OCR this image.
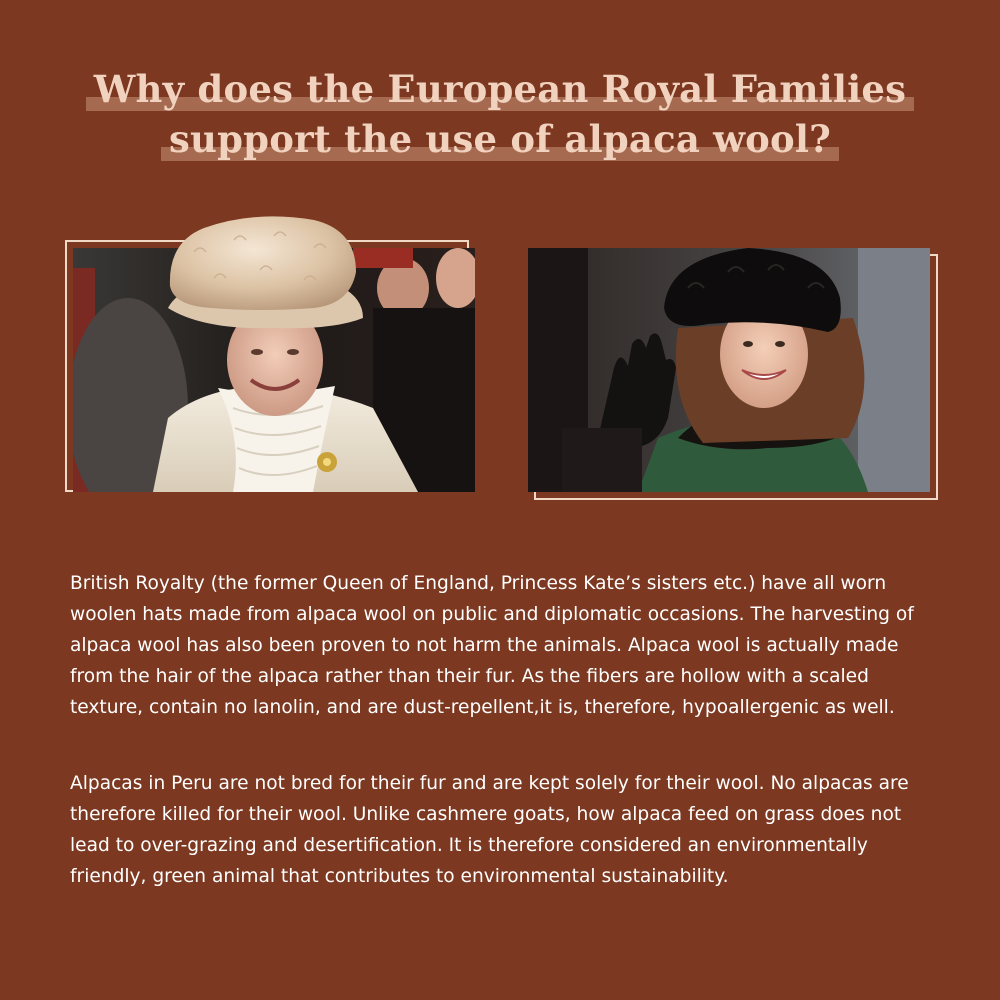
Why does the European Royal Families
support the use of alpaca wool?

British Royalty (the former Queen of England, Princess Kate’s sisters etc.) have all worn woolen hats made from alpaca wool on public and diplomatic occasions. The harvesting of alpaca wool has also been proven to not harm the animals. Alpaca wool is actually made from the hair of the alpaca rather than their fur. As the fibers are hollow with a scaled texture, contain no lanolin, and are dust-repellent,it is, therefore, hypoallergenic as well.

Alpacas in Peru are not bred for their fur and are kept solely for their wool. No alpacas are therefore killed for their wool. Unlike cashmere goats, how alpaca feed on grass does not lead to over-grazing and desertification. It is therefore considered an environmentally friendly, green animal that contributes to environmental sustainability.
